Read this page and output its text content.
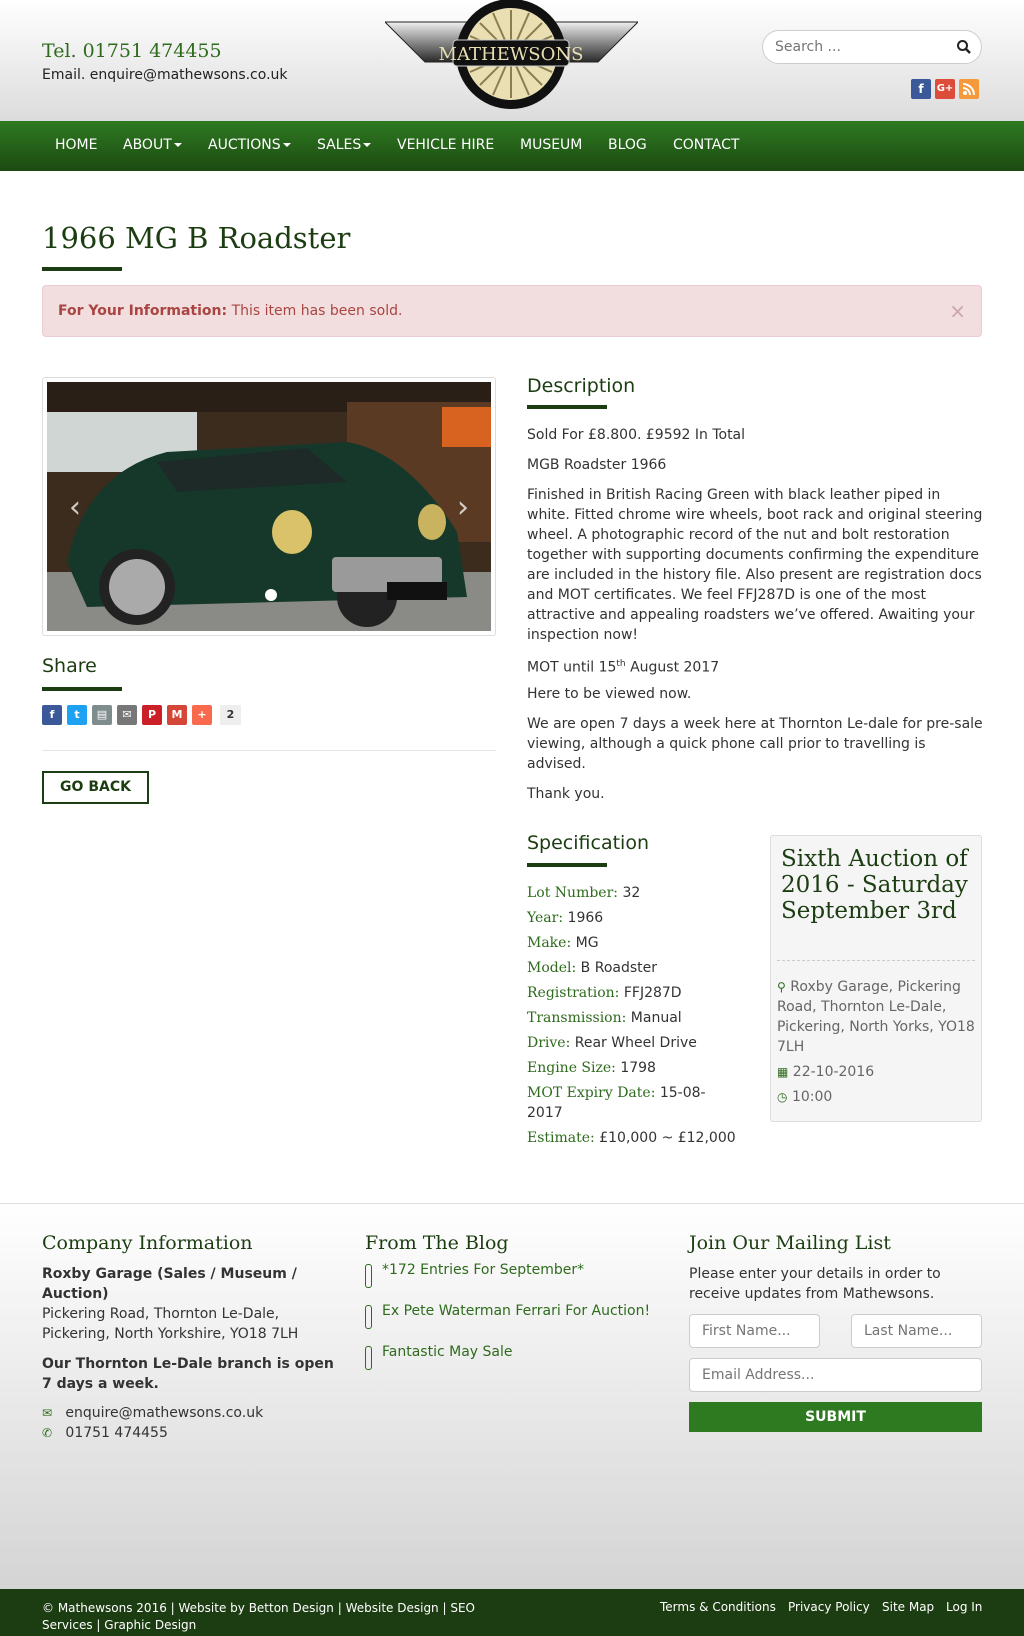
Tel. 01751 474455
Email. enquire@mathewsons.co.uk
MATHEWSONS
Search ...
f	G+
HOME ABOUT	AUCTIONS	SALES	VEHICLE HIRE MUSEUM BLOG CONTACT
1966 MG B Roadster
For Your Information: This item has been sold.	×
‹	›
Share
f	t	▤	✉	P	M	+	2
GO BACK
Description

Sold For £8.800. £9592 In Total

MGB Roadster 1966

Finished in British Racing Green with black leather piped in white. Fitted chrome wire wheels, boot rack and original steering wheel. A photographic record of the nut and bolt restoration together with supporting documents confirming the expenditure are included in the history file. Also present are registration docs and MOT certificates. We feel FFJ287D is one of the most attractive and appealing roadsters we’ve offered. Awaiting your inspection now!

MOT until 15th August 2017

Here to be viewed now.

We are open 7 days a week here at Thornton Le-dale for pre-sale viewing, although a quick phone call prior to travelling is advised.

Thank you.

Specification
Lot Number: 32
Year: 1966
Make: MG
Model: B Roadster
Registration: FFJ287D
Transmission: Manual
Drive: Rear Wheel Drive
Engine Size: 1798
MOT Expiry Date: 15-08-2017
Estimate: £10,000 ~ £12,000
Sixth Auction of 2016 - Saturday September 3rd
⚲ Roxby Garage, Pickering Road, Thornton Le-Dale, Pickering, North Yorks, YO18 7LH
▦ 22-10-2016
◷ 10:00
Company Information
Roxby Garage (Sales / Museum / Auction)
Pickering Road, Thornton Le-Dale, Pickering, North Yorkshire, YO18 7LH
Our Thornton Le-Dale branch is open 7 days a week.
✉ enquire@mathewsons.co.uk
✆ 01751 474455
From The Blog
*172 Entries For September*
Ex Pete Waterman Ferrari For Auction!
Fantastic May Sale
Join Our Mailing List
Please enter your details in order to receive updates from Mathewsons.
First Name...
Last Name...
Email Address...
SUBMIT
© Mathewsons 2016 | Website by Betton Design | Website Design | SEO Services | Graphic Design
Terms & Conditions Privacy Policy Site Map Log In
